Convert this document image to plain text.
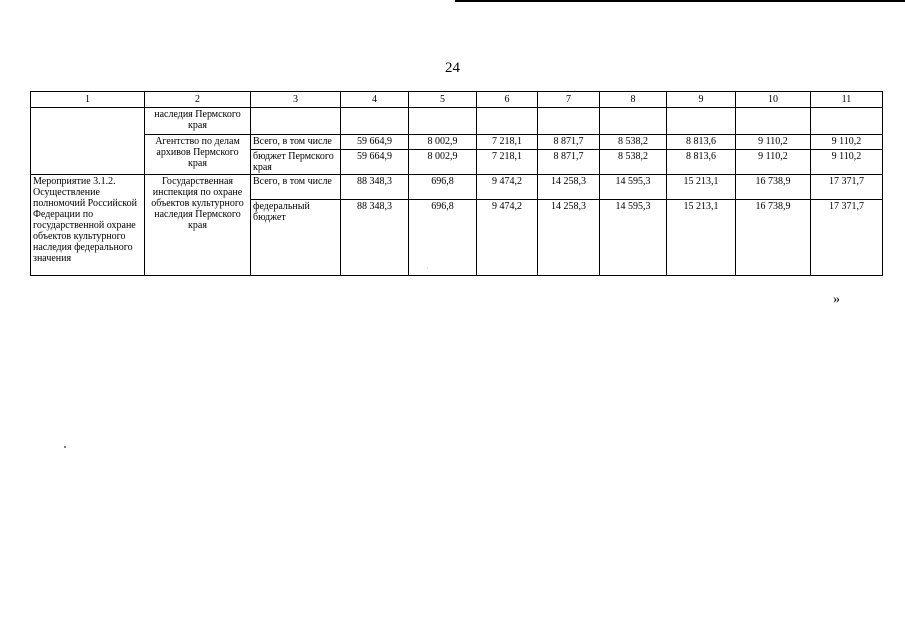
24
1	2	3	4	5	6	7	8	9	10	11
	наследия Пермского края									
	Агентство по делам архивов Пермского края	Всего, в том числе	59 664,9	8 002,9	7 218,1	8 871,7	8 538,2	8 813,6	9 110,2	9 110,2
		бюджет Пермского края	59 664,9	8 002,9	7 218,1	8 871,7	8 538,2	8 813,6	9 110,2	9 110,2
Мероприятие 3.1.2. Осуществление полномочий Российской Федерации по государственной охране объектов культурного наследия федерального значения	Государственная инспекция по охране объектов культурного наследия Пермского края	Всего, в том числе	88 348,3	696,8	9 474,2	14 258,3	14 595,3	15 213,1	16 738,9	17 371,7
		федеральный бюджет	88 348,3	696,8	9 474,2	14 258,3	14 595,3	15 213,1	16 738,9	17 371,7
»
